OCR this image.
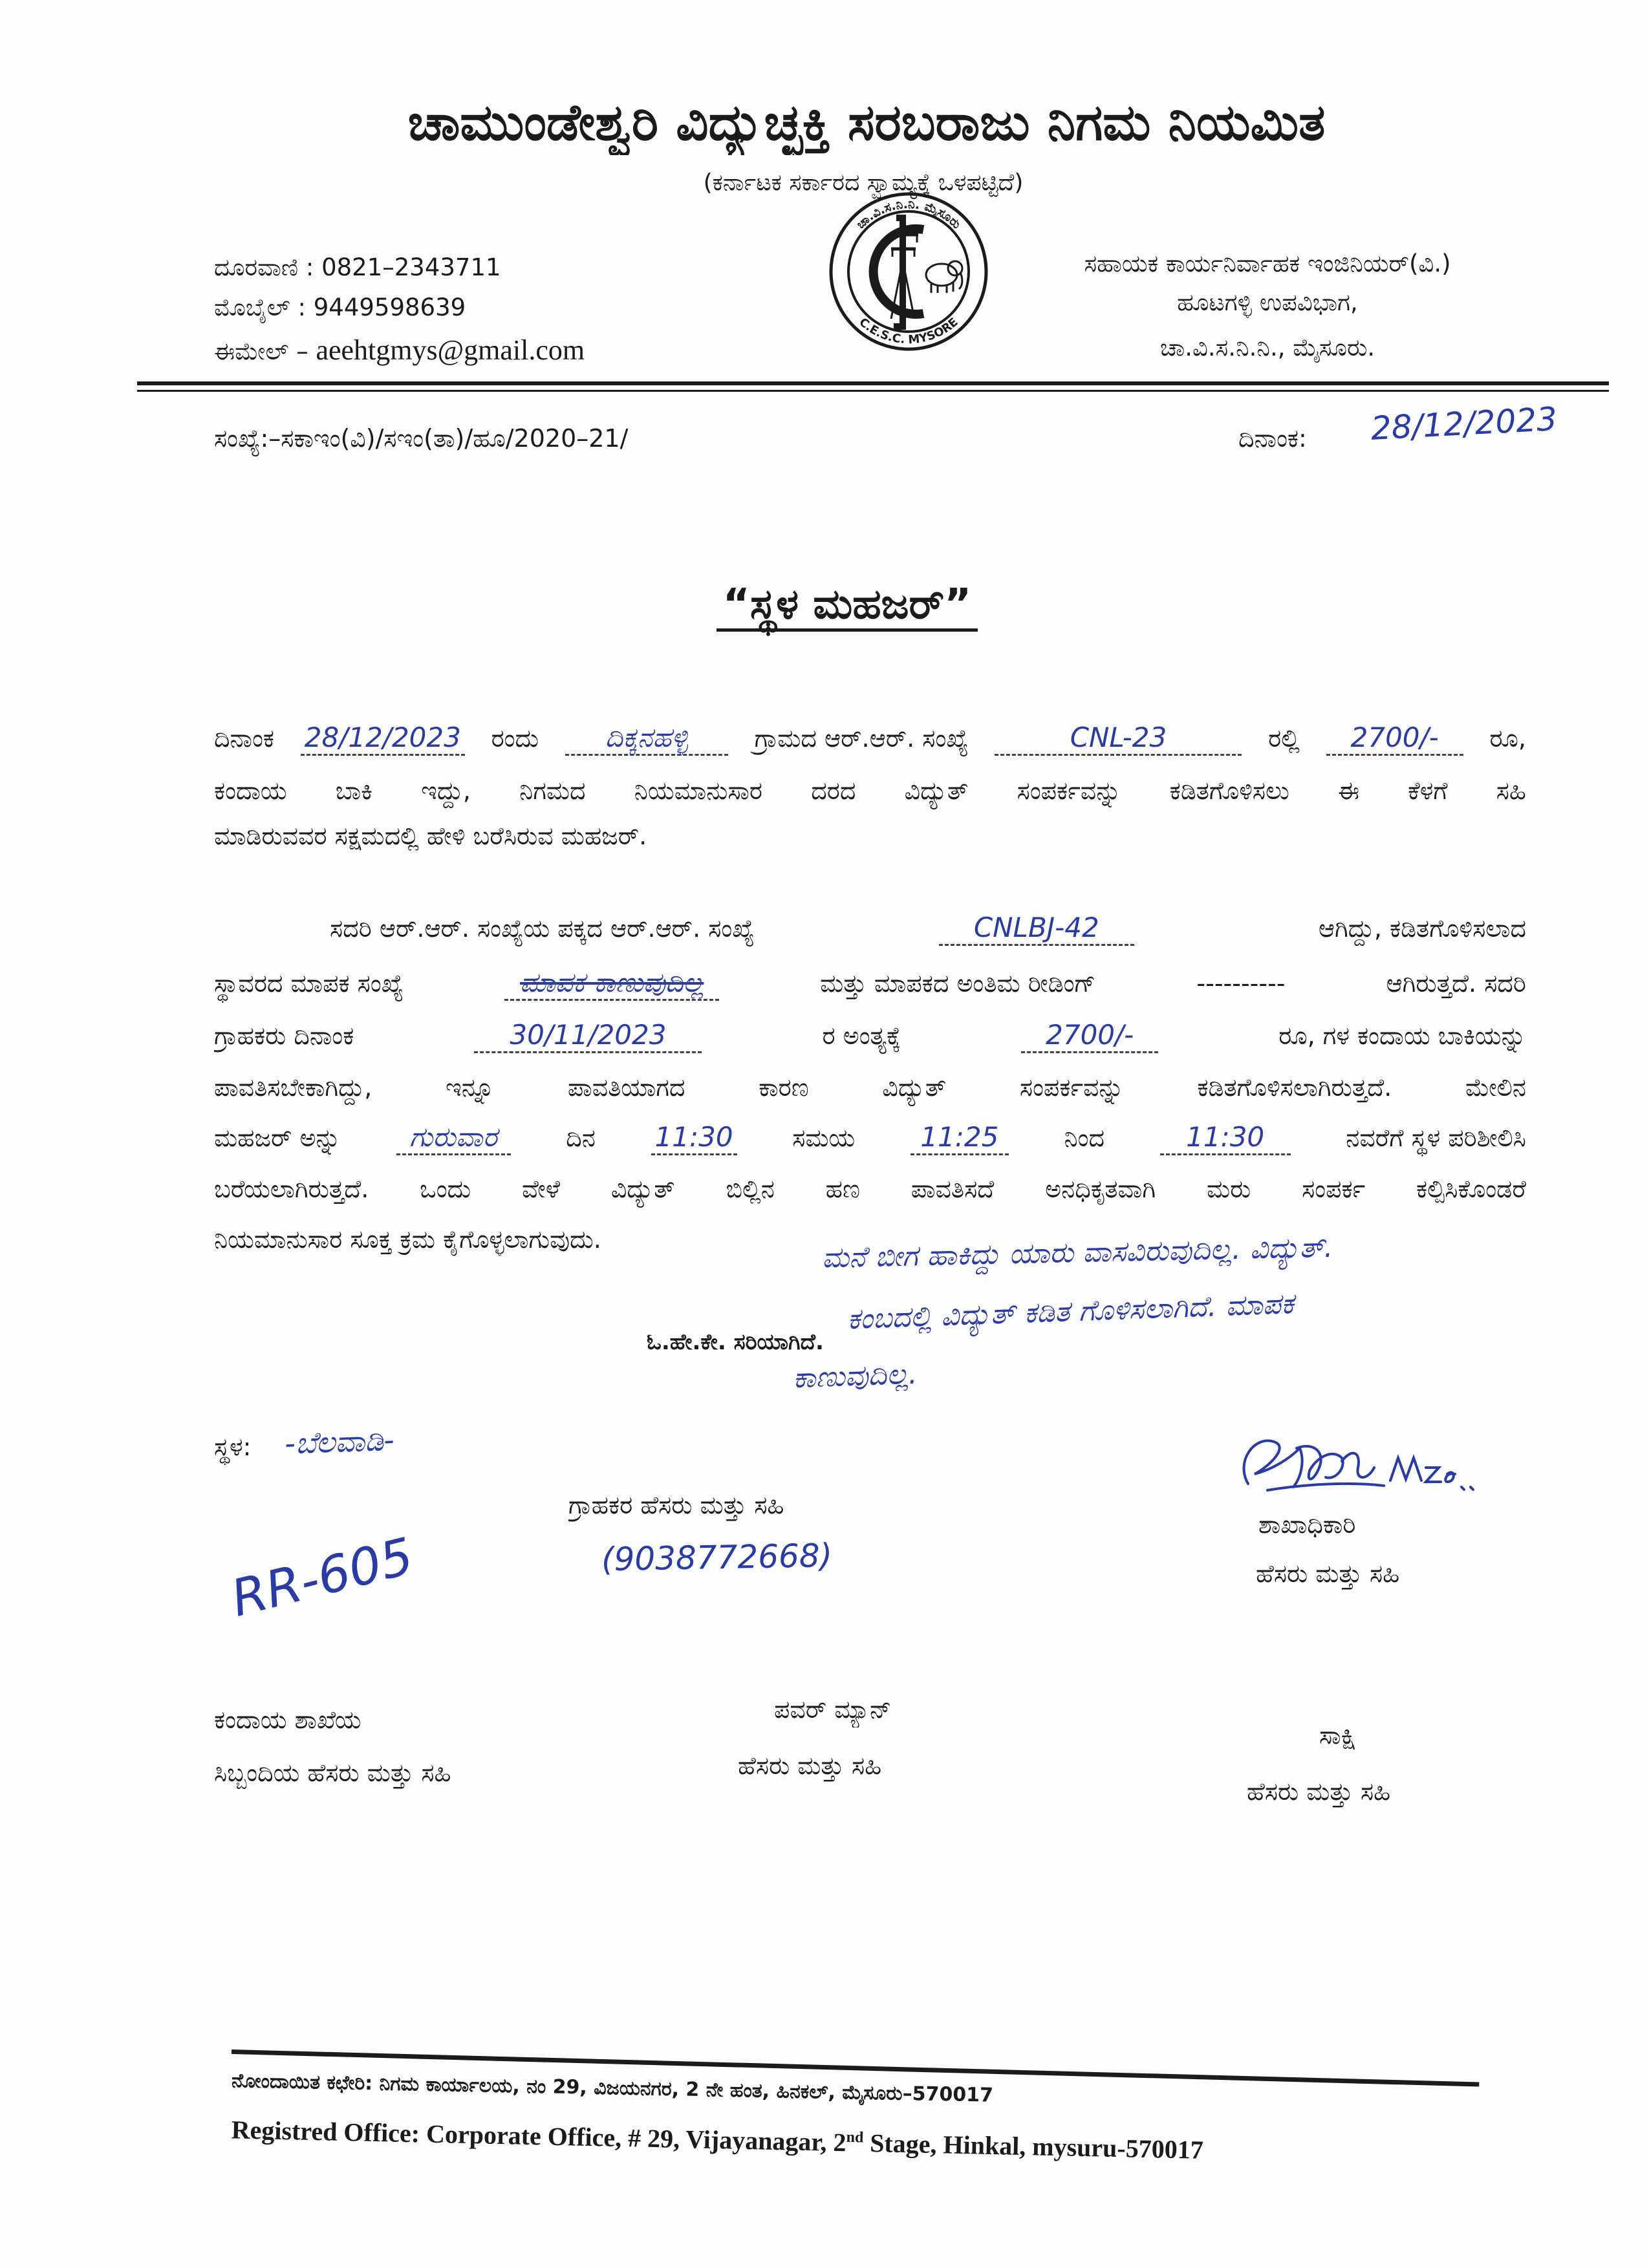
ಚಾಮುಂಡೇಶ್ವರಿ ವಿದ್ಯುಚ್ಛಕ್ತಿ ಸರಬರಾಜು ನಿಗಮ ನಿಯಮಿತ
(ಕರ್ನಾಟಕ ಸರ್ಕಾರದ ಸ್ವಾಮ್ಯಕ್ಕೆ ಒಳಪಟ್ಟಿದೆ)
ದೂರವಾಣಿ : 0821–2343711
ಮೊಬೈಲ್ : 9449598639
ಈಮೇಲ್ – aeehtgmys@gmail.com
ಚಾ.ವಿ.ಸ.ನಿ.ನಿ. ಮೈಸೂರು
C.E.S.C. MYSORE
ಸಹಾಯಕ ಕಾರ್ಯನಿರ್ವಾಹಕ ಇಂಜಿನಿಯರ್(ವಿ.)
ಹೂಟಗಳ್ಳಿ ಉಪವಿಭಾಗ,
ಚಾ.ವಿ.ಸ.ನಿ.ನಿ., ಮೈಸೂರು.
ಸಂಖ್ಯೆ:–ಸಕಾಇಂ(ವಿ)/ಸಇಂ(ತಾ)/ಹೂ/2020–21/	ದಿನಾಂಕ:	28/12/2023
“ಸ್ಥಳ ಮಹಜರ್”
ದಿನಾಂಕ 28/12/2023 ರಂದು	ದಿಕ್ಕನಹಳ್ಳಿ	ಗ್ರಾಮದ ಆರ್.ಆರ್. ಸಂಖ್ಯೆ	CNL-23	ರಲ್ಲಿ	2700/-	ರೂ,
ಕಂದಾಯ ಬಾಕಿ ಇದ್ದು, ನಿಗಮದ ನಿಯಮಾನುಸಾರ ದರದ ವಿದ್ಯುತ್ ಸಂಪರ್ಕವನ್ನು ಕಡಿತಗೊಳಿಸಲು ಈ ಕೆಳಗೆ ಸಹಿ
ಮಾಡಿರುವವರ ಸಕ್ಷಮದಲ್ಲಿ ಹೇಳಿ ಬರೆಸಿರುವ ಮಹಜರ್.
ಸದರಿ ಆರ್.ಆರ್. ಸಂಖ್ಯೆಯ ಪಕ್ಕದ ಆರ್.ಆರ್. ಸಂಖ್ಯೆ	CNLBJ-42	ಆಗಿದ್ದು, ಕಡಿತಗೊಳಿಸಲಾದ
ಸ್ಥಾವರದ ಮಾಪಕ ಸಂಖ್ಯೆ	ಮಾಪಕ ಕಾಣುವುದಿಲ್ಲ	ಮತ್ತು ಮಾಪಕದ ಅಂತಿಮ ರೀಡಿಂಗ್	----------	ಆಗಿರುತ್ತದೆ. ಸದರಿ
ಗ್ರಾಹಕರು ದಿನಾಂಕ	30/11/2023	ರ ಅಂತ್ಯಕ್ಕೆ	2700/-	ರೂ, ಗಳ ಕಂದಾಯ ಬಾಕಿಯನ್ನು
ಪಾವತಿಸಬೇಕಾಗಿದ್ದು, ಇನ್ನೂ ಪಾವತಿಯಾಗದ ಕಾರಣ ವಿದ್ಯುತ್ ಸಂಪರ್ಕವನ್ನು ಕಡಿತಗೊಳಿಸಲಾಗಿರುತ್ತದೆ. ಮೇಲಿನ
ಮಹಜರ್ ಅನ್ನು	ಗುರುವಾರ	ದಿನ 11:30 ಸಮಯ	11:25	ನಿಂದ	11:30	ನವರೆಗೆ ಸ್ಥಳ ಪರಿಶೀಲಿಸಿ
ಬರೆಯಲಾಗಿರುತ್ತದೆ. ಒಂದು ವೇಳೆ ವಿದ್ಯುತ್ ಬಿಲ್ಲಿನ ಹಣ ಪಾವತಿಸದೆ ಅನಧಿಕೃತವಾಗಿ ಮರು ಸಂಪರ್ಕ ಕಲ್ಪಿಸಿಕೊಂಡರೆ
ನಿಯಮಾನುಸಾರ ಸೂಕ್ತ ಕ್ರಮ ಕೈಗೊಳ್ಳಲಾಗುವುದು.	ಮನೆ ಬೀಗ ಹಾಕಿದ್ದು ಯಾರು ವಾಸವಿರುವುದಿಲ್ಲ. ವಿದ್ಯುತ್.
ಕಂಬದಲ್ಲಿ ವಿದ್ಯುತ್ ಕಡಿತ ಗೊಳಿಸಲಾಗಿದೆ. ಮಾಪಕ
ಕಾಣುವುದಿಲ್ಲ.
ಓ.ಹೇ.ಕೇ. ಸರಿಯಾಗಿದೆ.
ಸ್ಥಳ:	-ಬೆಲವಾಡಿ-
ಗ್ರಾಹಕರ ಹೆಸರು ಮತ್ತು ಸಹಿ
(9038772668)
RR-605
ಶಾಖಾಧಿಕಾರಿ
ಹೆಸರು ಮತ್ತು ಸಹಿ
ಕಂದಾಯ ಶಾಖೆಯ
ಸಿಬ್ಬಂದಿಯ ಹೆಸರು ಮತ್ತು ಸಹಿ
ಪವರ್ ಮ್ಯಾನ್
ಹೆಸರು ಮತ್ತು ಸಹಿ
ಸಾಕ್ಷಿ
ಹೆಸರು ಮತ್ತು ಸಹಿ
ನೋಂದಾಯಿತ ಕಛೇರಿ: ನಿಗಮ ಕಾರ್ಯಾಲಯ, ನಂ 29, ವಿಜಯನಗರ, 2 ನೇ ಹಂತ, ಹಿನಕಲ್, ಮೈಸೂರು–570017
Registred Office: Corporate Office, # 29, Vijayanagar, 2nd Stage, Hinkal, mysuru-570017
